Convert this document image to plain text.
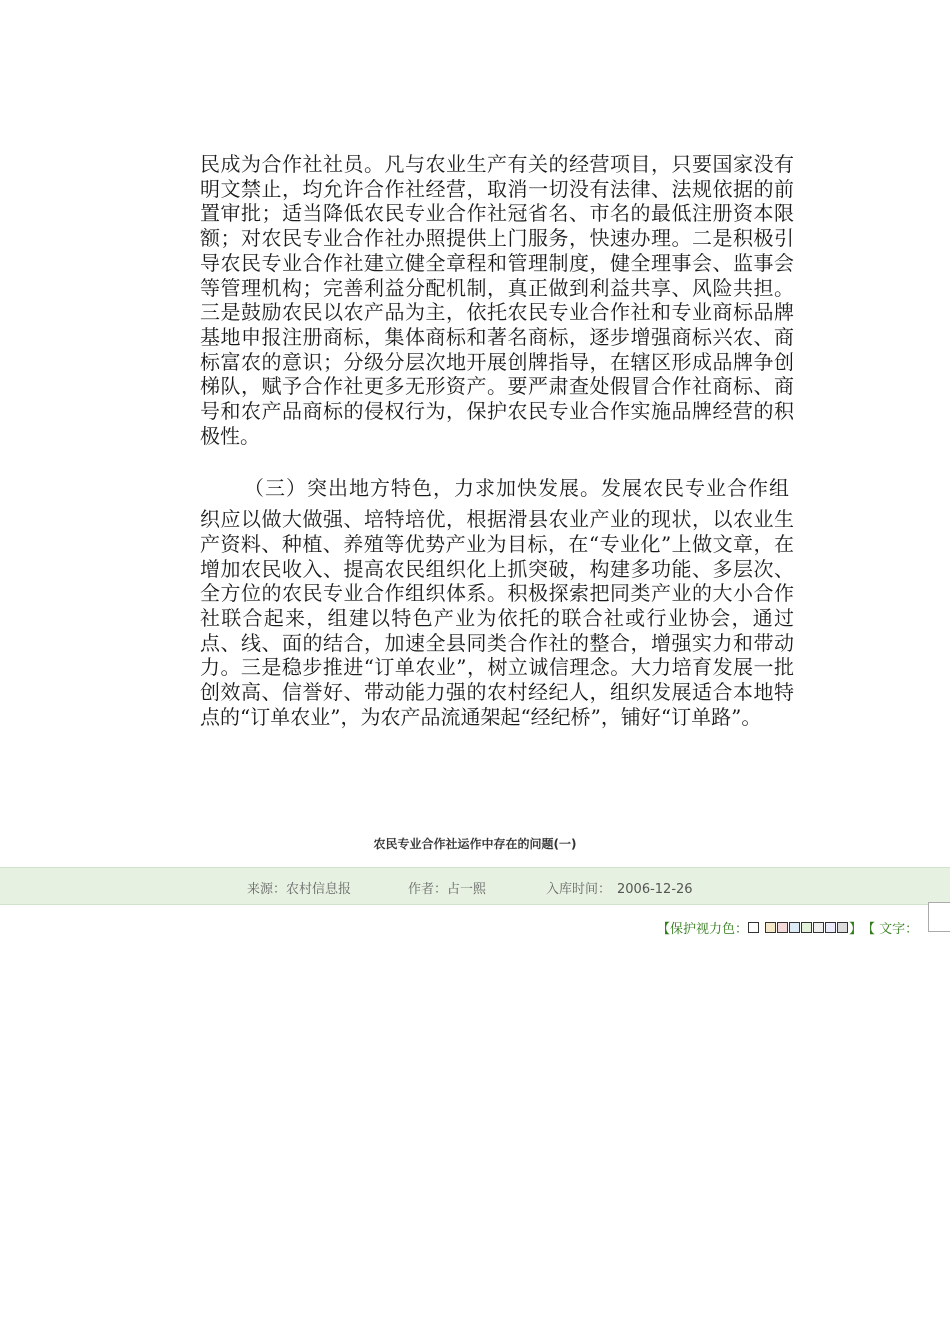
民成为合作社社员。凡与农业生产有关的经营项目，只要国家没有明文禁止，均允许合作社经营，取消一切没有法律、法规依据的前置审批；适当降低农民专业合作社冠省名、市名的最低注册资本限额；对农民专业合作社办照提供上门服务，快速办理。二是积极引导农民专业合作社建立健全章程和管理制度，健全理事会、监事会等管理机构；完善利益分配机制，真正做到利益共享、风险共担。三是鼓励农民以农产品为主，依托农民专业合作社和专业商标品牌基地申报注册商标，集体商标和著名商标，逐步增强商标兴农、商标富农的意识；分级分层次地开展创牌指导，在辖区形成品牌争创梯队，赋予合作社更多无形资产。要严肃查处假冒合作社商标、商号和农产品商标的侵权行为，保护农民专业合作实施品牌经营的积极性。

（三）突出地方特色，力求加快发展。发展农民专业合作组

织应以做大做强、培特培优，根据滑县农业产业的现状，以农业生产资料、种植、养殖等优势产业为目标，在“专业化”上做文章，在增加农民收入、提高农民组织化上抓突破，构建多功能、多层次、全方位的农民专业合作组织体系。积极探索把同类产业的大小合作社联合起来，组建以特色产业为依托的联合社或行业协会，通过点、线、面的结合，加速全县同类合作社的整合，增强实力和带动力。三是稳步推进“订单农业”，树立诚信理念。大力培育发展一批创效高、信誉好、带动能力强的农村经纪人，组织发展适合本地特点的“订单农业”，为农产品流通架起“经纪桥”，铺好“订单路”。

农民专业合作社运作中存在的问题(一)
来源：农村信息报	作者：占一熙	入库时间： 2006-12-26
【 保护视力色：	】 【 文字：
